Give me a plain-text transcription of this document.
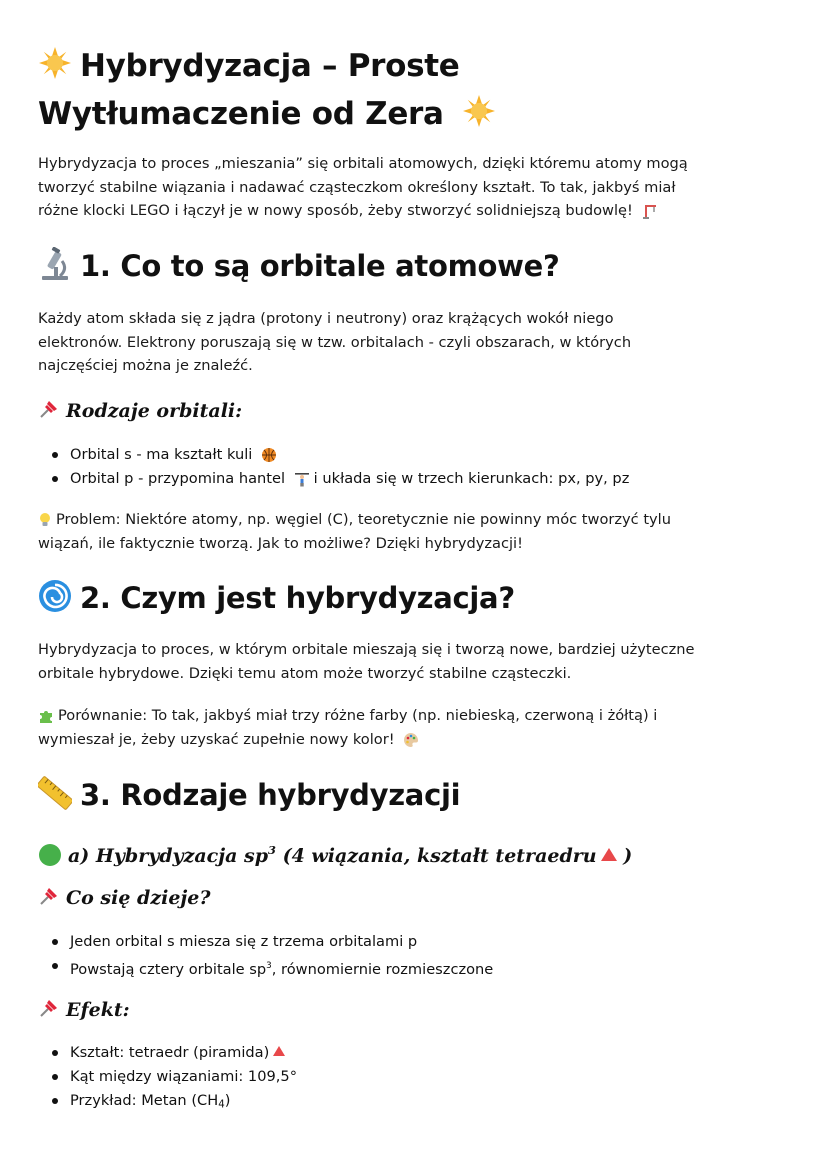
Hybrydyzacja – Proste
Wytłumaczenie od Zera

Hybrydyzacja to proces „mieszania” się orbitali atomowych, dzięki któremu atomy mogą
tworzyć stabilne wiązania i nadawać cząsteczkom określony kształt. To tak, jakbyś miał
różne klocki LEGO i łączył je w nowy sposób, żeby stworzyć solidniejszą budowlę!

1. Co to są orbitale atomowe?

Każdy atom składa się z jądra (protony i neutrony) oraz krążących wokół niego
elektronów. Elektrony poruszają się w tzw. orbitalach - czyli obszarach, w których
najczęściej można je znaleźć.

Rodzaje orbitali:
Orbital s - ma kształt kuli
Orbital p - przypomina hantel i układa się w trzech kierunkach: px, py, pz

Problem: Niektóre atomy, np. węgiel (C), teoretycznie nie powinny móc tworzyć tylu
wiązań, ile faktycznie tworzą. Jak to możliwe? Dzięki hybrydyzacji!

2. Czym jest hybrydyzacja?

Hybrydyzacja to proces, w którym orbitale mieszają się i tworzą nowe, bardziej użyteczne
orbitale hybrydowe. Dzięki temu atom może tworzyć stabilne cząsteczki.

Porównanie: To tak, jakbyś miał trzy różne farby (np. niebieską, czerwoną i żółtą) i
wymieszał je, żeby uzyskać zupełnie nowy kolor!

3. Rodzaje hybrydyzacji
a) Hybrydyzacja $sp^3$ (4 wiązania, kształt tetraedru )
Co się dzieje?
Jeden orbital s miesza się z trzema orbitalami p
Powstają cztery orbitale $sp^3$, równomiernie rozmieszczone
Efekt:
Kształt: tetraedr (piramida)
Kąt między wiązaniami: 109,5°
Przykład: Metan $(CH_4)$
